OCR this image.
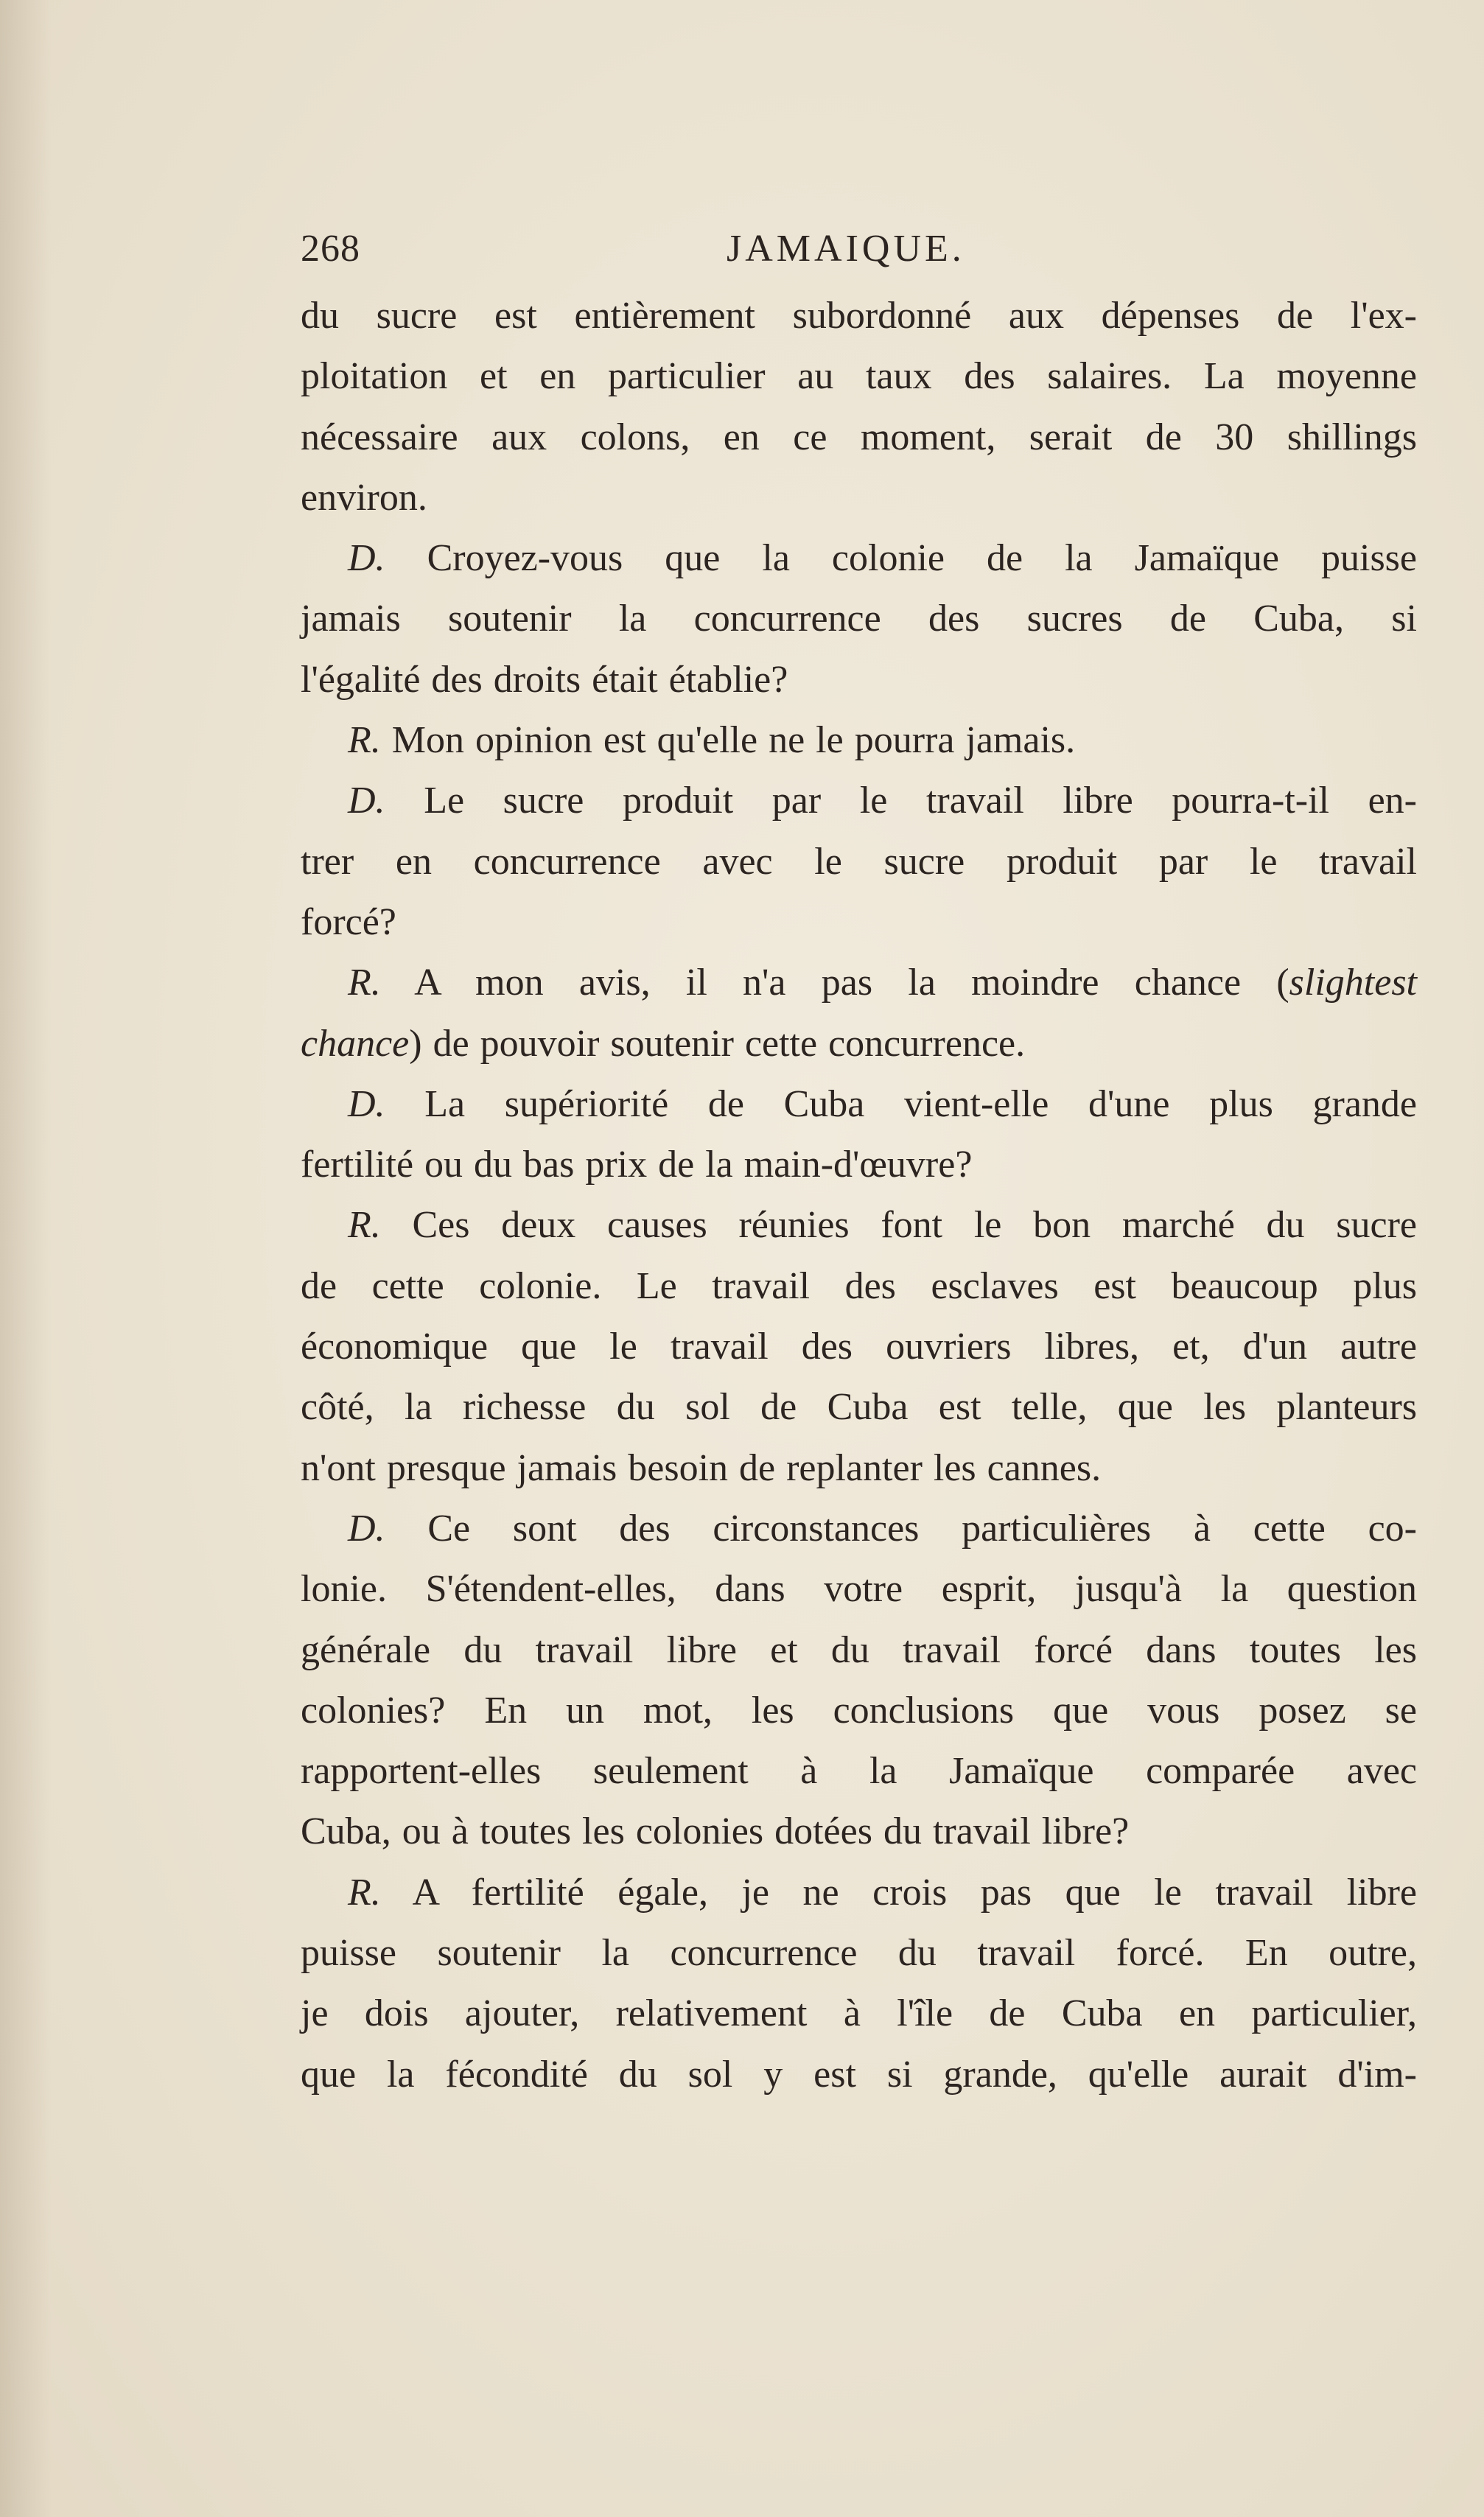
268	JAMAIQUE.
du sucre est entièrement subordonné aux dépenses de l'ex-
ploitation et en particulier au taux des salaires. La moyenne
nécessaire aux colons, en ce moment, serait de 30 shillings
environ.
D. Croyez-vous que la colonie de la Jamaïque puisse
jamais soutenir la concurrence des sucres de Cuba, si
l'égalité des droits était établie?
R. Mon opinion est qu'elle ne le pourra jamais.
D. Le sucre produit par le travail libre pourra-t-il en-
trer en concurrence avec le sucre produit par le travail
forcé?
R. A mon avis, il n'a pas la moindre chance (slightest
chance) de pouvoir soutenir cette concurrence.
D. La supériorité de Cuba vient-elle d'une plus grande
fertilité ou du bas prix de la main-d'œuvre?
R. Ces deux causes réunies font le bon marché du sucre
de cette colonie. Le travail des esclaves est beaucoup plus
économique que le travail des ouvriers libres, et, d'un autre
côté, la richesse du sol de Cuba est telle, que les planteurs
n'ont presque jamais besoin de replanter les cannes.
D. Ce sont des circonstances particulières à cette co-
lonie. S'étendent-elles, dans votre esprit, jusqu'à la question
générale du travail libre et du travail forcé dans toutes les
colonies? En un mot, les conclusions que vous posez se
rapportent-elles seulement à la Jamaïque comparée avec
Cuba, ou à toutes les colonies dotées du travail libre?
R. A fertilité égale, je ne crois pas que le travail libre
puisse soutenir la concurrence du travail forcé. En outre,
je dois ajouter, relativement à l'île de Cuba en particulier,
que la fécondité du sol y est si grande, qu'elle aurait d'im-
